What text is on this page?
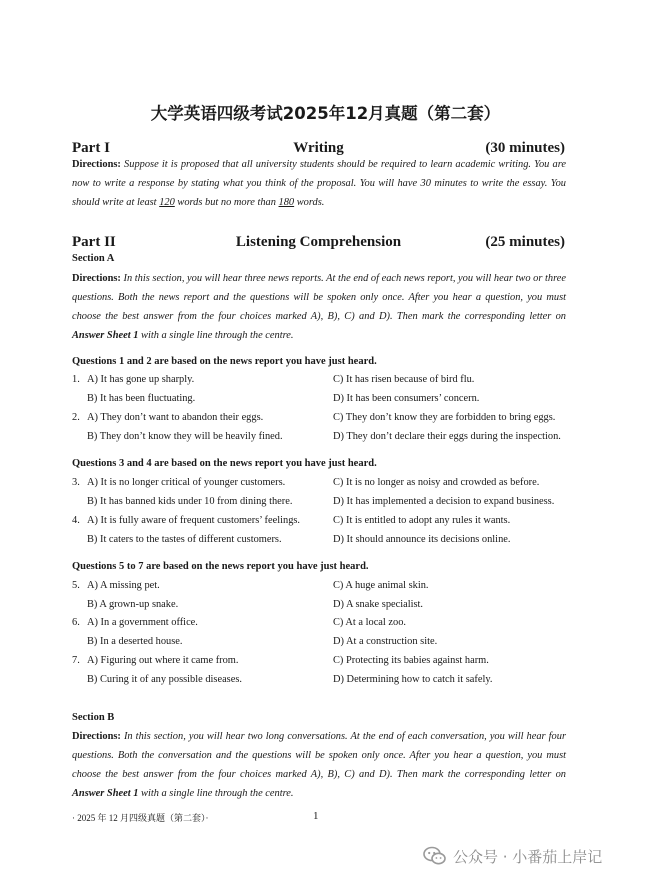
大学英语四级考试2025年12月真题（第二套）
Part I	Writing	(30 minutes)
Directions: Suppose it is proposed that all university students should be required to learn academic writing. You are now to write a response by stating what you think of the proposal. You will have 30 minutes to write the essay. You should write at least 120 words but no more than 180 words.
Part II	Listening Comprehension	(25 minutes)
Section A
Directions: In this section, you will hear three news reports. At the end of each news report, you will hear two or three questions. Both the news report and the questions will be spoken only once. After you hear a question, you must choose the best answer from the four choices marked A), B), C) and D). Then mark the corresponding letter on Answer Sheet 1 with a single line through the centre.
Questions 1 and 2 are based on the news report you have just heard.
1. A) It has gone up sharply.	C) It has risen because of bird flu.
B) It has been fluctuating.	D) It has been consumers’ concern.
2. A) They don’t want to abandon their eggs.	C) They don’t know they are forbidden to bring eggs.
B) They don’t know they will be heavily fined.	D) They don’t declare their eggs during the inspection.
Questions 3 and 4 are based on the news report you have just heard.
3. A) It is no longer critical of younger customers.	C) It is no longer as noisy and crowded as before.
B) It has banned kids under 10 from dining there.	D) It has implemented a decision to expand business.
4. A) It is fully aware of frequent customers’ feelings.	C) It is entitled to adopt any rules it wants.
B) It caters to the tastes of different customers.	D) It should announce its decisions online.
Questions 5 to 7 are based on the news report you have just heard.
5. A) A missing pet.	C) A huge animal skin.
B) A grown-up snake.	D) A snake specialist.
6. A) In a government office.	C) At a local zoo.
B) In a deserted house.	D) At a construction site.
7. A) Figuring out where it came from.	C) Protecting its babies against harm.
B) Curing it of any possible diseases.	D) Determining how to catch it safely.
Section B
Directions: In this section, you will hear two long conversations. At the end of each conversation, you will hear four questions. Both the conversation and the questions will be spoken only once. After you hear a question, you must choose the best answer from the four choices marked A), B), C) and D). Then mark the corresponding letter on Answer Sheet 1 with a single line through the centre.
· 2025 年 12 月四级真题（第二套）·	1
公众号 · 小番茄上岸记
